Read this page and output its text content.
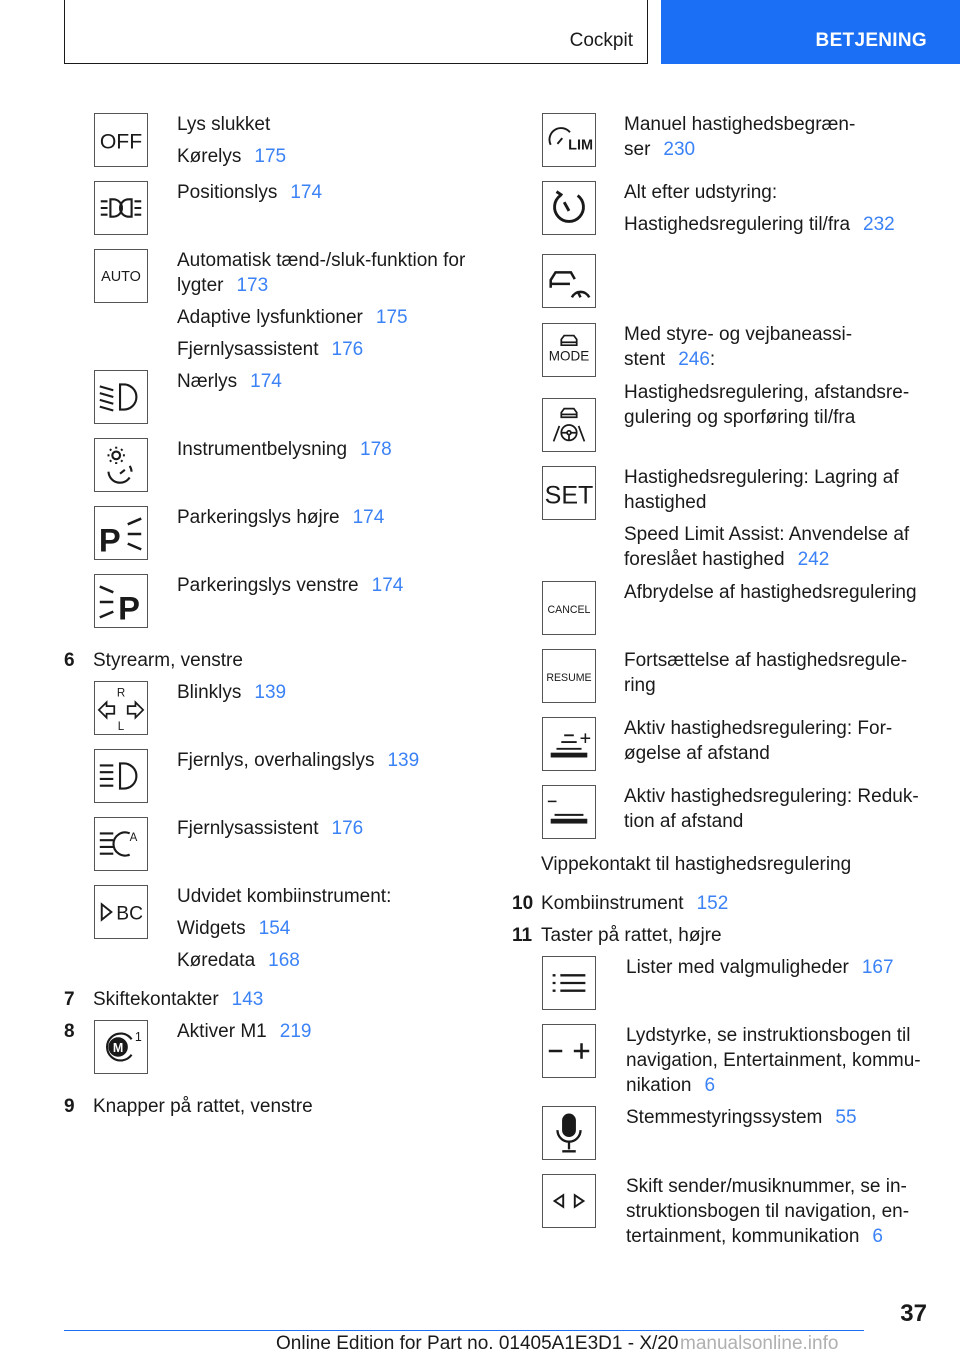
Cockpit	BETJENING
OFF
Lys slukket
Kørelys 175
Positionslys 174
AUTO
Automatisk tænd-/sluk-funktion for
lygter 173
Adaptive lysfunktioner 175
Fjernlysassistent 176
Nærlys 174
Instrumentbelysning 178
P
Parkeringslys højre 174
P
Parkeringslys venstre 174
6 Styrearm, venstre
R
L
Blinklys 139
Fjernlys, overhalingslys 139
A Fjernlysassistent 176
BC
Udvidet kombiinstrument:
Widgets 154
Køredata 168
7 Skiftekontakter 143
8
M
1 Aktiver M1 219
9 Knapper på rattet, venstre
LIM
Manuel hastighedsbegræn-
ser 230
Alt efter udstyring:
Hastighedsregulering til/fra 232
MODE
Med styre- og vejbaneassi-
stent 246:
Hastighedsregulering, afstandsre-
gulering og sporføring til/fra
SET
Hastighedsregulering: Lagring af
hastighed
Speed Limit Assist: Anvendelse af
foreslået hastighed 242
CANCEL
Afbrydelse af hastighedsregulering
RESUME
Fortsættelse af hastighedsregule-
ring
Aktiv hastighedsregulering: For-
øgelse af afstand
Aktiv hastighedsregulering: Reduk-
tion af afstand
Vippekontakt til hastighedsregulering
10 Kombiinstrument 152
11 Taster på rattet, højre
Lister med valgmuligheder 167
Lydstyrke, se instruktionsbogen til
navigation, Entertainment, kommu-
nikation 6
Stemmestyringssystem 55
Skift sender/musiknummer, se in-
struktionsbogen til navigation, en-
tertainment, kommunikation 6
37
Online Edition for Part no. 01405A1E3D1 - X/20 manualsonline.info
